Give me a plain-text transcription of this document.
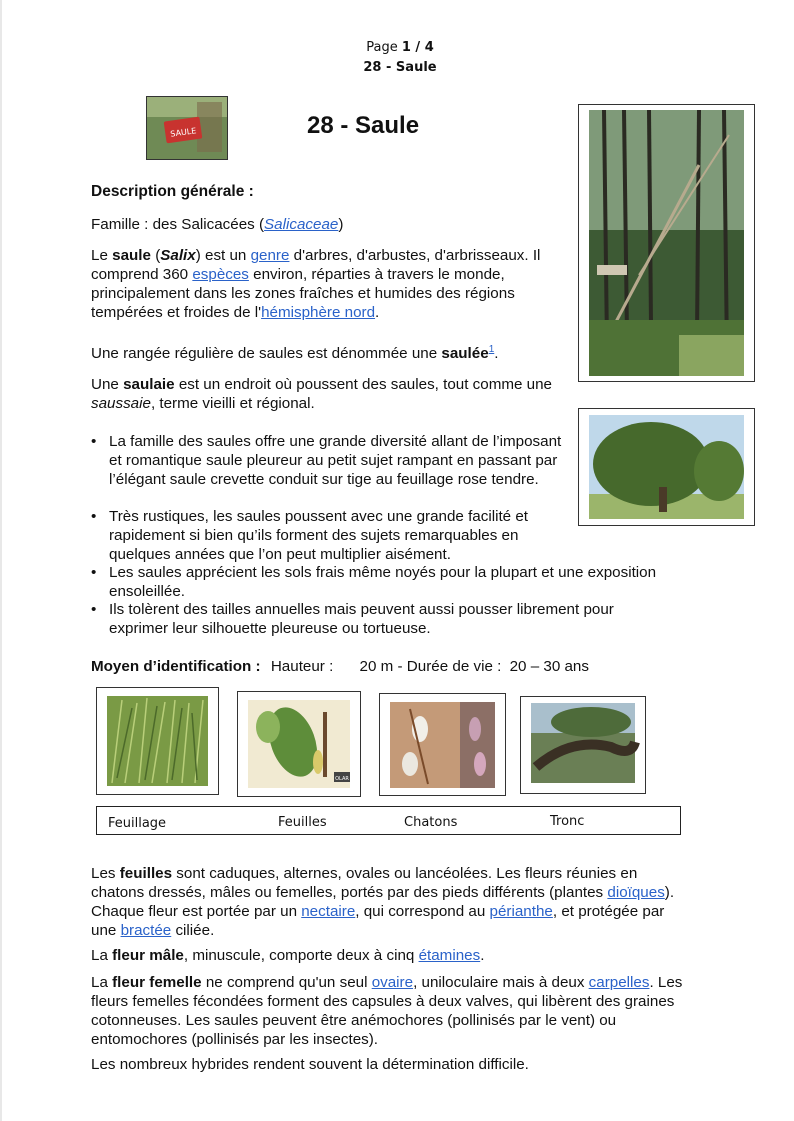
Page 1 / 4
28 - Saule
SAULE	28 - Saule
Description générale :
Famille : des Salicacées (Salicaceae)
Le saule (Salix) est un genre d'arbres, d'arbustes, d'arbrisseaux. Il comprend 360 espèces environ, réparties à travers le monde, principalement dans les zones fraîches et humides des régions tempérées et froides de l'hémisphère nord.
Une rangée régulière de saules est dénommée une saulée$^1$.
Une saulaie est un endroit où poussent des saules, tout comme une saussaie, terme vieilli et régional.
• La famille des saules offre une grande diversité allant de l’imposant et romantique saule pleureur au petit sujet rampant en passant par l’élégant saule crevette conduit sur tige au feuillage rose tendre.
• Très rustiques, les saules poussent avec une grande facilité et rapidement si bien qu’ils forment des sujets remarquables en quelques années que l’on peut multiplier aisément.
• Les saules apprécient les sols frais même noyés pour la plupart et une exposition ensoleillée.
• Ils tolèrent des tailles annuelles mais peuvent aussi pousser librement pour exprimer leur silhouette pleureuse ou tortueuse.
Moyen d’identification : Hauteur : 20 m - Durée de vie : 20 – 30 ans
OLAR
Feuillage	Feuilles	Chatons	Tronc
Les feuilles sont caduques, alternes, ovales ou lancéolées. Les fleurs réunies en chatons dressés, mâles ou femelles, portés par des pieds différents (plantes dioïques). Chaque fleur est portée par un nectaire, qui correspond au périanthe, et protégée par une bractée ciliée.
La fleur mâle, minuscule, comporte deux à cinq étamines.
La fleur femelle ne comprend qu'un seul ovaire, uniloculaire mais à deux carpelles. Les fleurs femelles fécondées forment des capsules à deux valves, qui libèrent des graines cotonneuses. Les saules peuvent être anémochores (pollinisés par le vent) ou entomochores (pollinisés par les insectes).
Les nombreux hybrides rendent souvent la détermination difficile.
